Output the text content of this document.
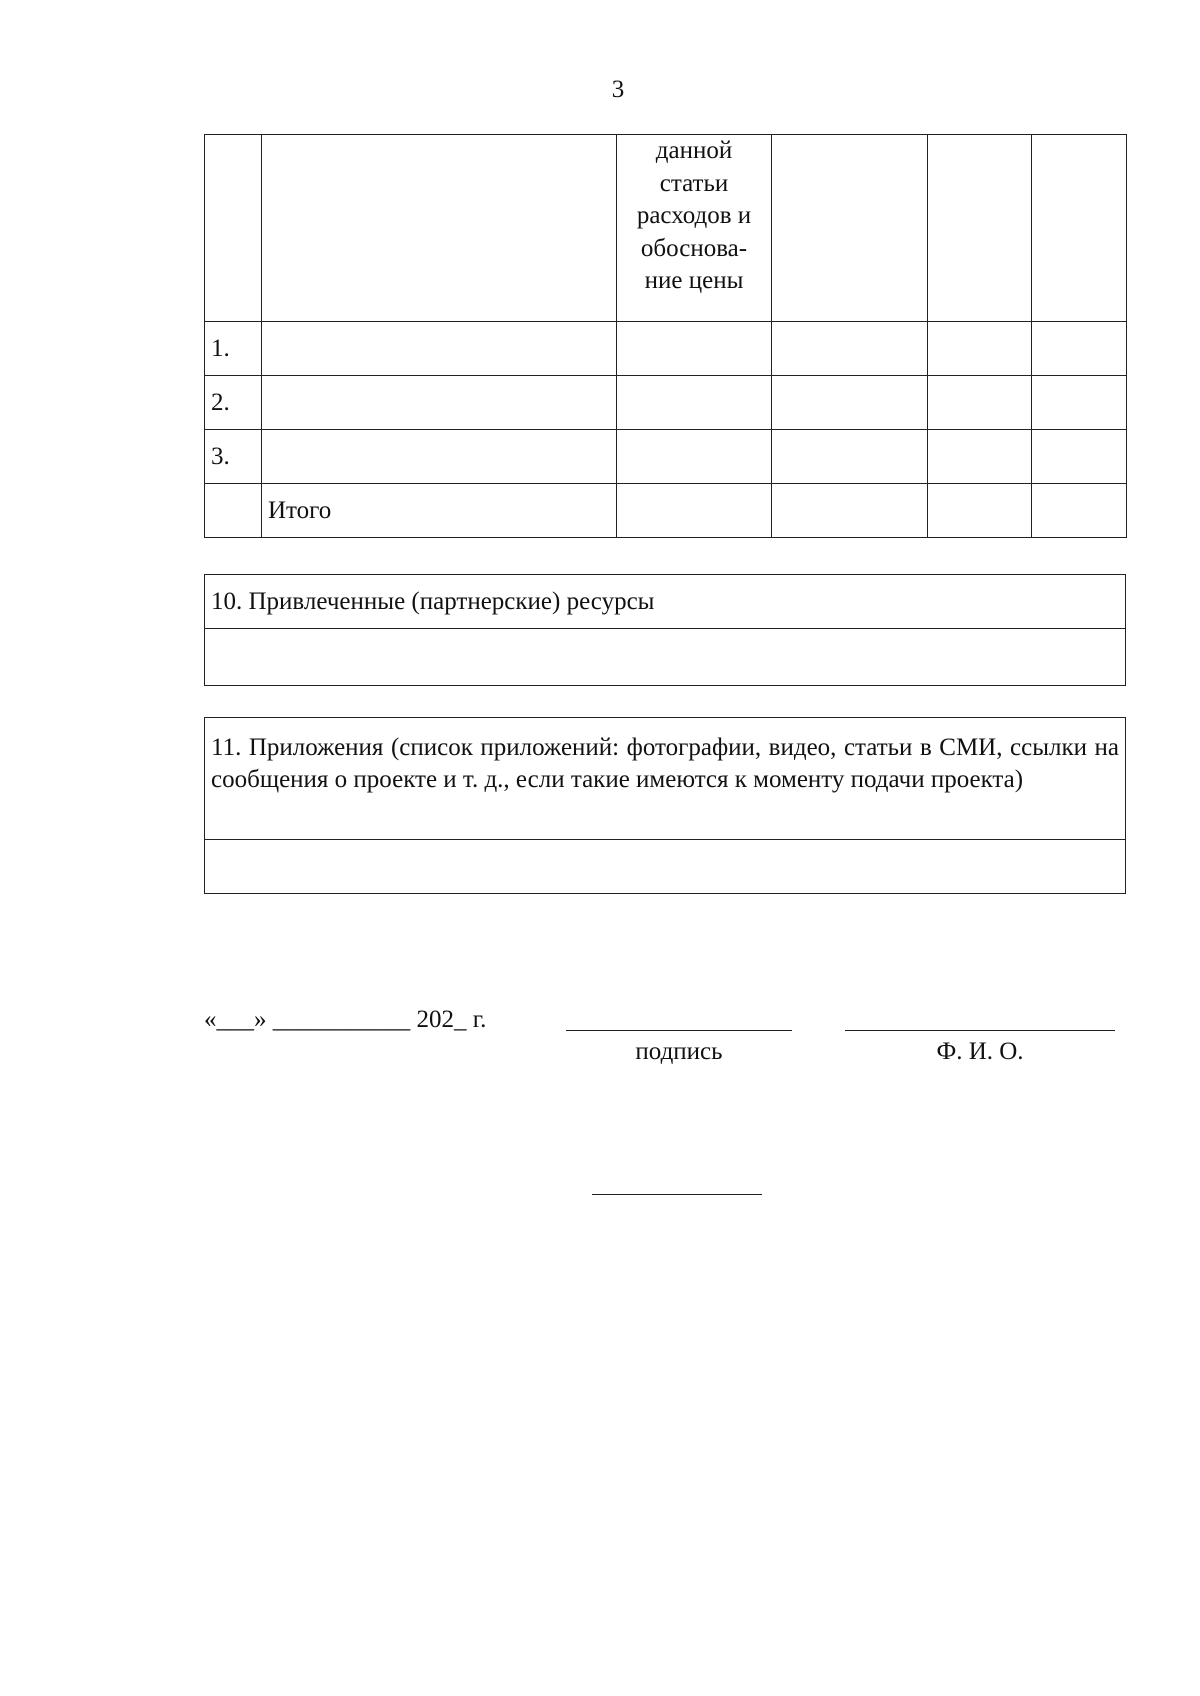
3

		данной
статьи
расходов и
обоснова-
ние цены			

1.					
2.					
3.					
	Итого				
10. Привлеченные (партнерские) ресурсы
11. Приложения (список приложений: фотографии, видео, статьи в СМИ, ссылки на сообщения о проекте и т. д., если такие имеются к моменту подачи проекта)
«___» ___________ 202_ г.
подпись	Ф. И. О.
